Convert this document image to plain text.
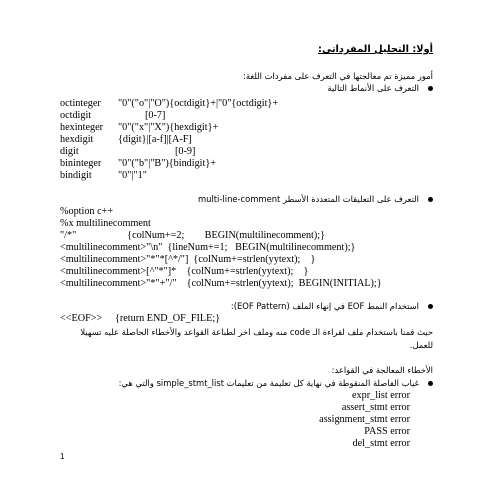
أولا: التحليل المفرداتي:
أمور مميزة تم معالجتها في التعرف على مفردات اللغة:
التعرف على الأنماط التالية
octinteger "0"("o"|"O"){octdigit}+|"0"{octdigit}+
octdigit	[0-7]
hexinteger "0"("x"|"X"){hexdigit}+
hexdigit {digit}|[a-f]|[A-F]
digit	[0-9]
bininteger "0"("b"|"B"){bindigit}+
bindigit	"0"|"1"
التعرف على التعليقات المتعددة الأسطر multi-line-comment
%option c++
%x multilinecomment
"/*"                    {colNum+=2;        BEGIN(multilinecomment);}
<multilinecomment>"\n"  {lineNum+=1;   BEGIN(multilinecomment);}
<multilinecomment>"*"*[^*/"]  {colNum+=strlen(yytext);    }
<multilinecomment>[^"*"]*    {colNum+=strlen(yytext);    }
<multilinecomment>"*"+"/"    {colNum+=strlen(yytext);  BEGIN(INITIAL);}
استخدام النمط EOF في إنهاء الملف (EOF Pattern):
<<EOF>>     {return END_OF_FILE;}
حيث قمنا باستخدام ملف لقراءة الـ code منه وملف اخر لطباعة القواعد والأخطاء الحاصلة عليه تسهيلا
للعمل.
الأخطاء المعالجة في القواعد:
غياب الفاصلة المنقوطة في نهاية كل تعليمة من تعليمات simple_stmt_list والتي هي:
expr_list error
assert_stmt error
assignment_stmt error
PASS error
del_stmt error
1
